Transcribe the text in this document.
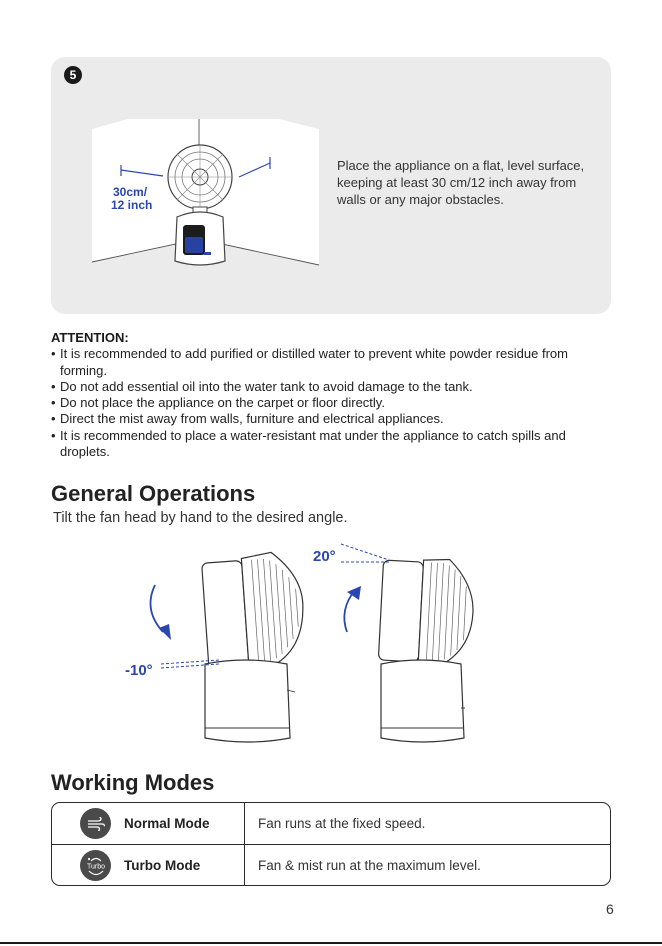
5
30cm/
12 inch
Place the appliance on a flat, level surface, keeping at least 30 cm/12 inch away from walls or any major obstacles.
ATTENTION:
• It is recommended to add purified or distilled water to prevent white powder residue from forming.
• Do not add essential oil into the water tank to avoid damage to the tank.
• Do not place the appliance on the carpet or floor directly.
• Direct the mist away from walls, furniture and electrical appliances.
• It is recommended to place a water-resistant mat under the appliance to catch spills and droplets.
General Operations
Tilt the fan head by hand to the desired angle.
-10°
20°
Working Modes
Normal Mode	Fan runs at the fixed speed.
Turbo Turbo Mode	Fan & mist run at the maximum level.
6
